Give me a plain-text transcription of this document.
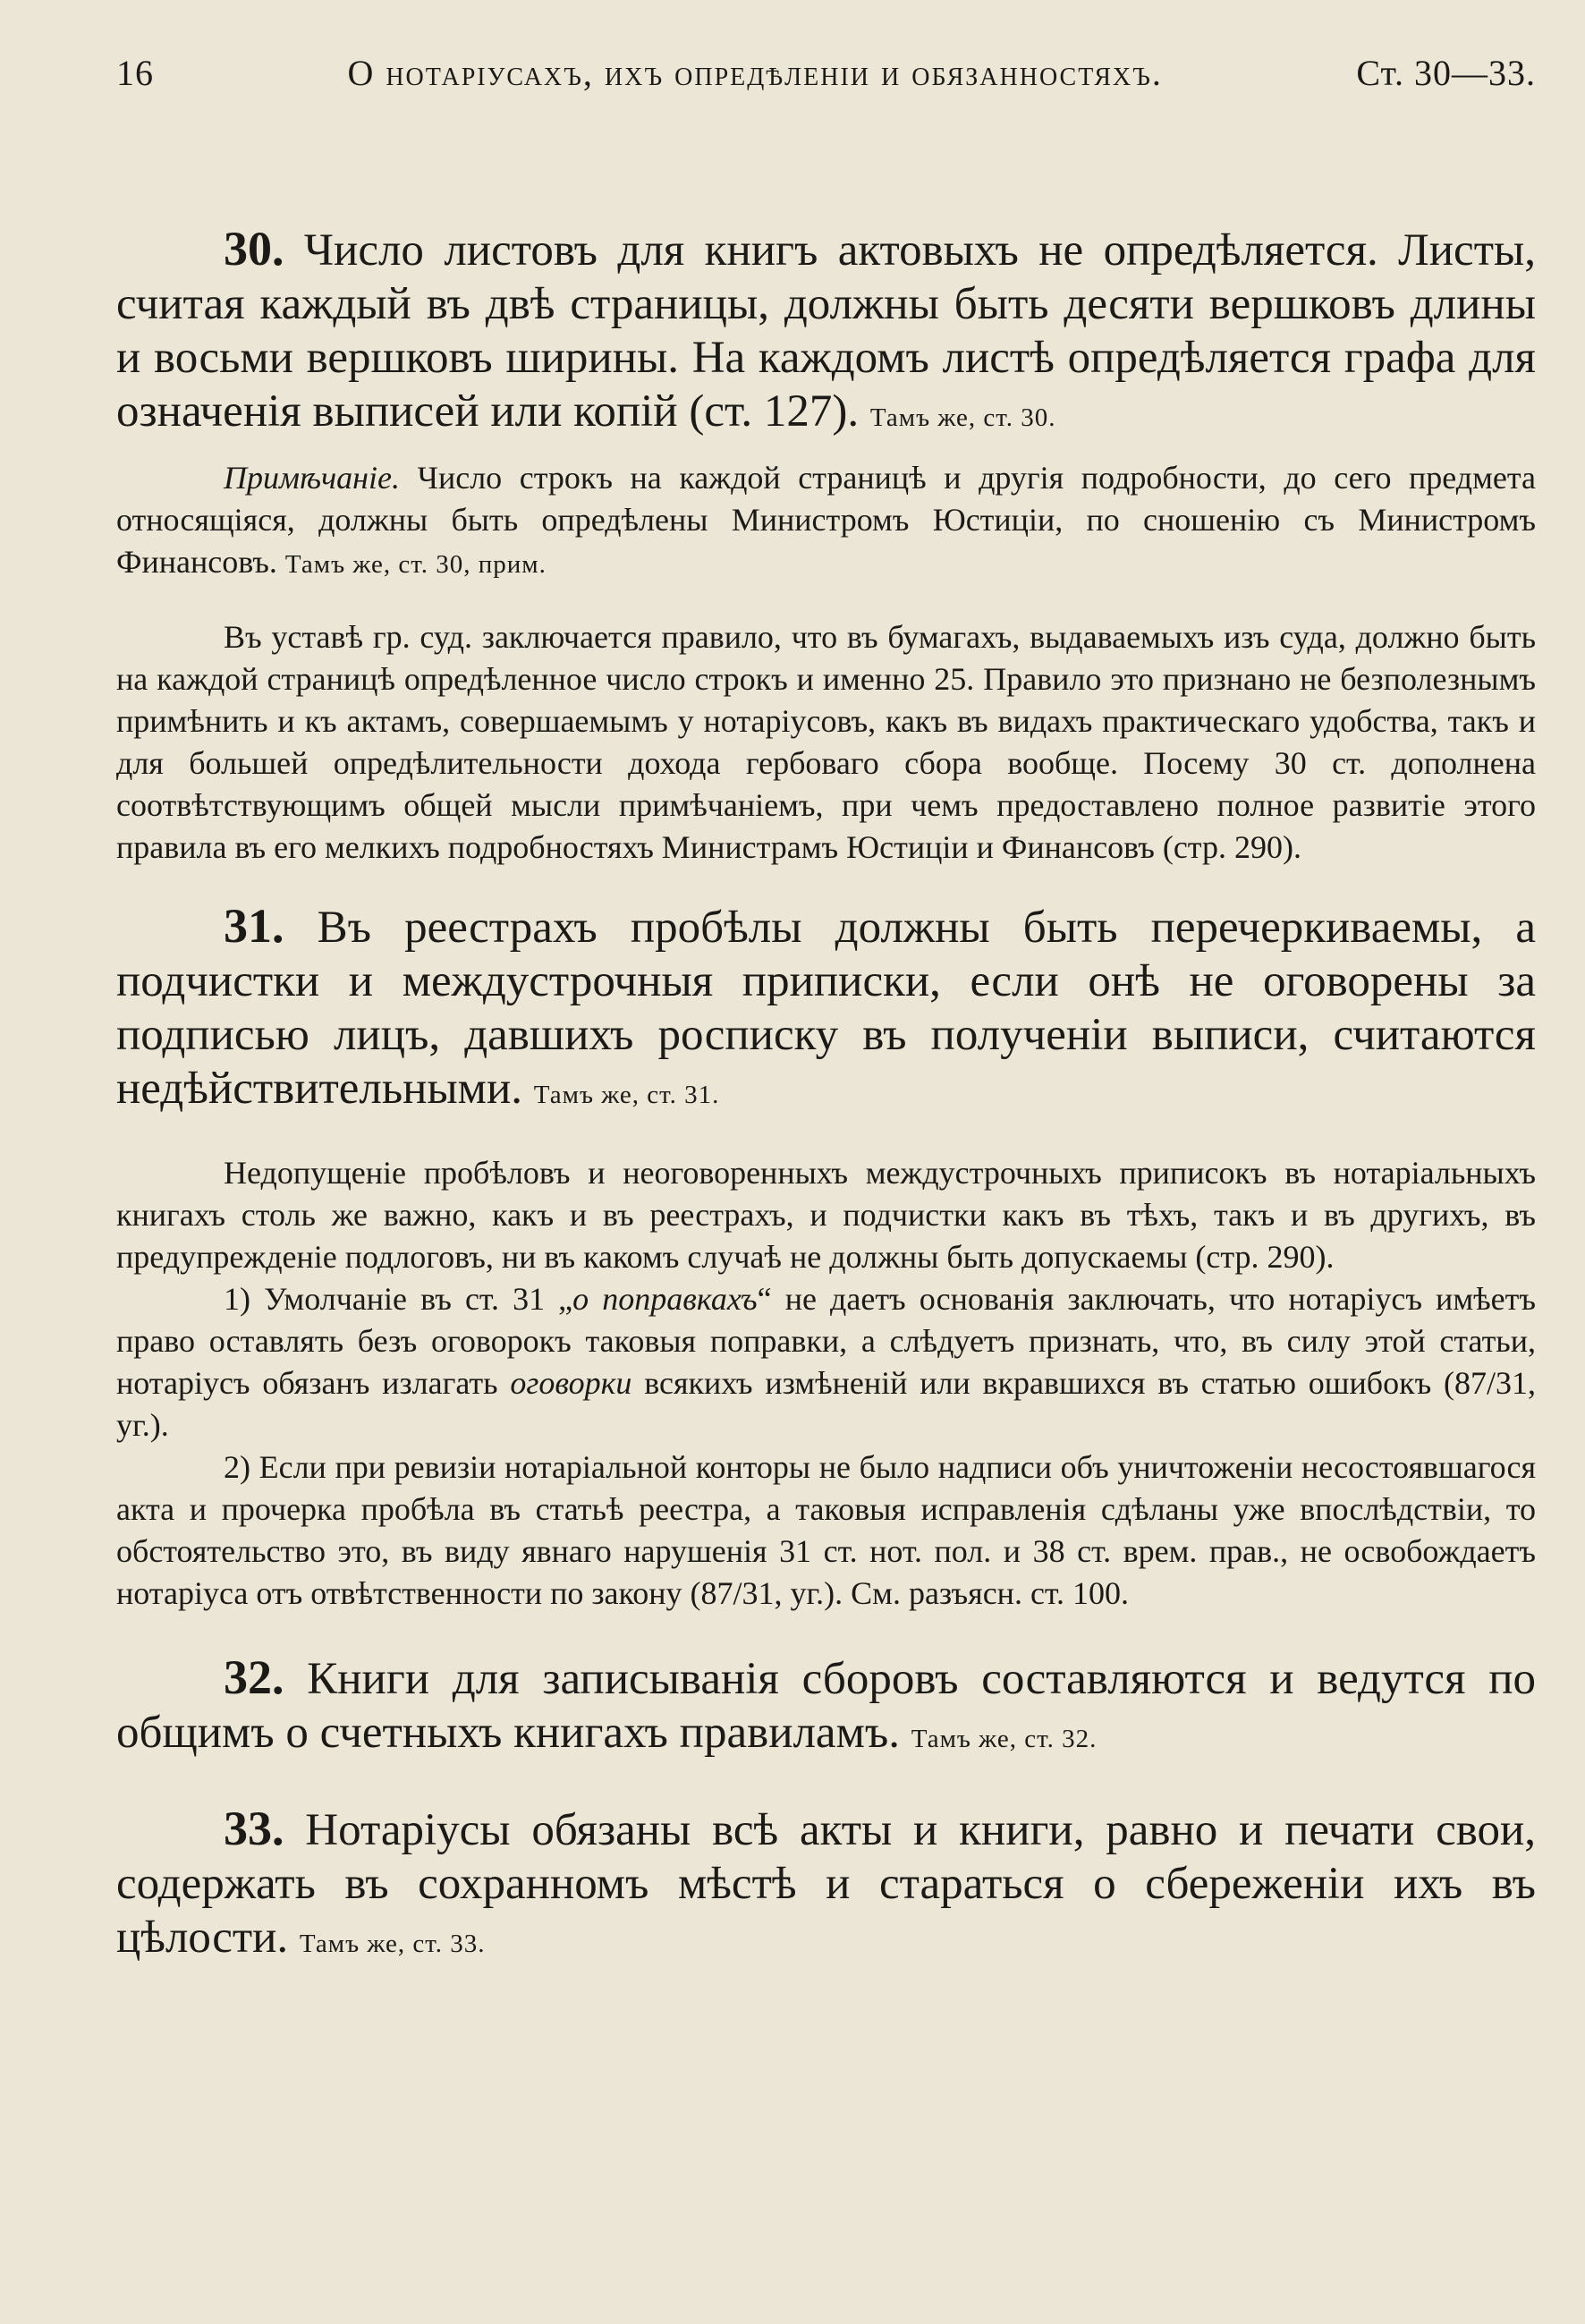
16	О нотаріусахъ, ихъ опредѣленіи и обязанностяхъ.	Ст. 30—33.

30. Число листовъ для книгъ актовыхъ не опредѣляется. Листы, считая каждый въ двѣ страницы, должны быть десяти вершковъ длины и восьми вершковъ ширины. На каждомъ листѣ опредѣляется графа для означенія выписей или копій (ст. 127). Тамъ же, ст. 30.

Примѣчаніе. Число строкъ на каждой страницѣ и другія подробности, до сего предмета относящіяся, должны быть опредѣлены Министромъ Юстиціи, по сношенію съ Министромъ Финансовъ. Тамъ же, ст. 30, прим.

Въ уставѣ гр. суд. заключается правило, что въ бумагахъ, выдаваемыхъ изъ суда, должно быть на каждой страницѣ опредѣленное число строкъ и именно 25. Правило это признано не безполезнымъ примѣнить и къ актамъ, совершаемымъ у нотаріусовъ, какъ въ видахъ практическаго удобства, такъ и для большей опредѣлительности дохода гербоваго сбора вообще. Посему 30 ст. дополнена соотвѣтствующимъ общей мысли примѣчаніемъ, при чемъ предоставлено полное развитіе этого правила въ его мелкихъ подробностяхъ Министрамъ Юстиціи и Финансовъ (стр. 290).

31. Въ реестрахъ пробѣлы должны быть перечеркиваемы, а подчистки и междустрочныя приписки, если онѣ не оговорены за подписью лицъ, давшихъ росписку въ полученіи выписи, считаются недѣйствительными. Тамъ же, ст. 31.

Недопущеніе пробѣловъ и неоговоренныхъ междустрочныхъ приписокъ въ нотаріальныхъ книгахъ столь же важно, какъ и въ реестрахъ, и подчистки какъ въ тѣхъ, такъ и въ другихъ, въ предупрежденіе подлоговъ, ни въ какомъ случаѣ не должны быть допускаемы (стр. 290).

1) Умолчаніе въ ст. 31 „о поправкахъ“ не даетъ основанія заключать, что нотаріусъ имѣетъ право оставлять безъ оговорокъ таковыя поправки, а слѣдуетъ признать, что, въ силу этой статьи, нотаріусъ обязанъ излагать оговорки всякихъ измѣненій или вкравшихся въ статью ошибокъ (87/31, уг.).

2) Если при ревизіи нотаріальной конторы не было надписи объ уничтоженіи несостоявшагося акта и прочерка пробѣла въ статьѣ реестра, а таковыя исправленія сдѣланы уже впослѣдствіи, то обстоятельство это, въ виду явнаго нарушенія 31 ст. нот. пол. и 38 ст. врем. прав., не освобождаетъ нотаріуса отъ отвѣтственности по закону (87/31, уг.). См. разъясн. ст. 100.

32. Книги для записыванія сборовъ составляются и ведутся по общимъ о счетныхъ книгахъ правиламъ. Тамъ же, ст. 32.

33. Нотаріусы обязаны всѣ акты и книги, равно и печати свои, содержать въ сохранномъ мѣстѣ и стараться о сбереженіи ихъ въ цѣлости. Тамъ же, ст. 33.
